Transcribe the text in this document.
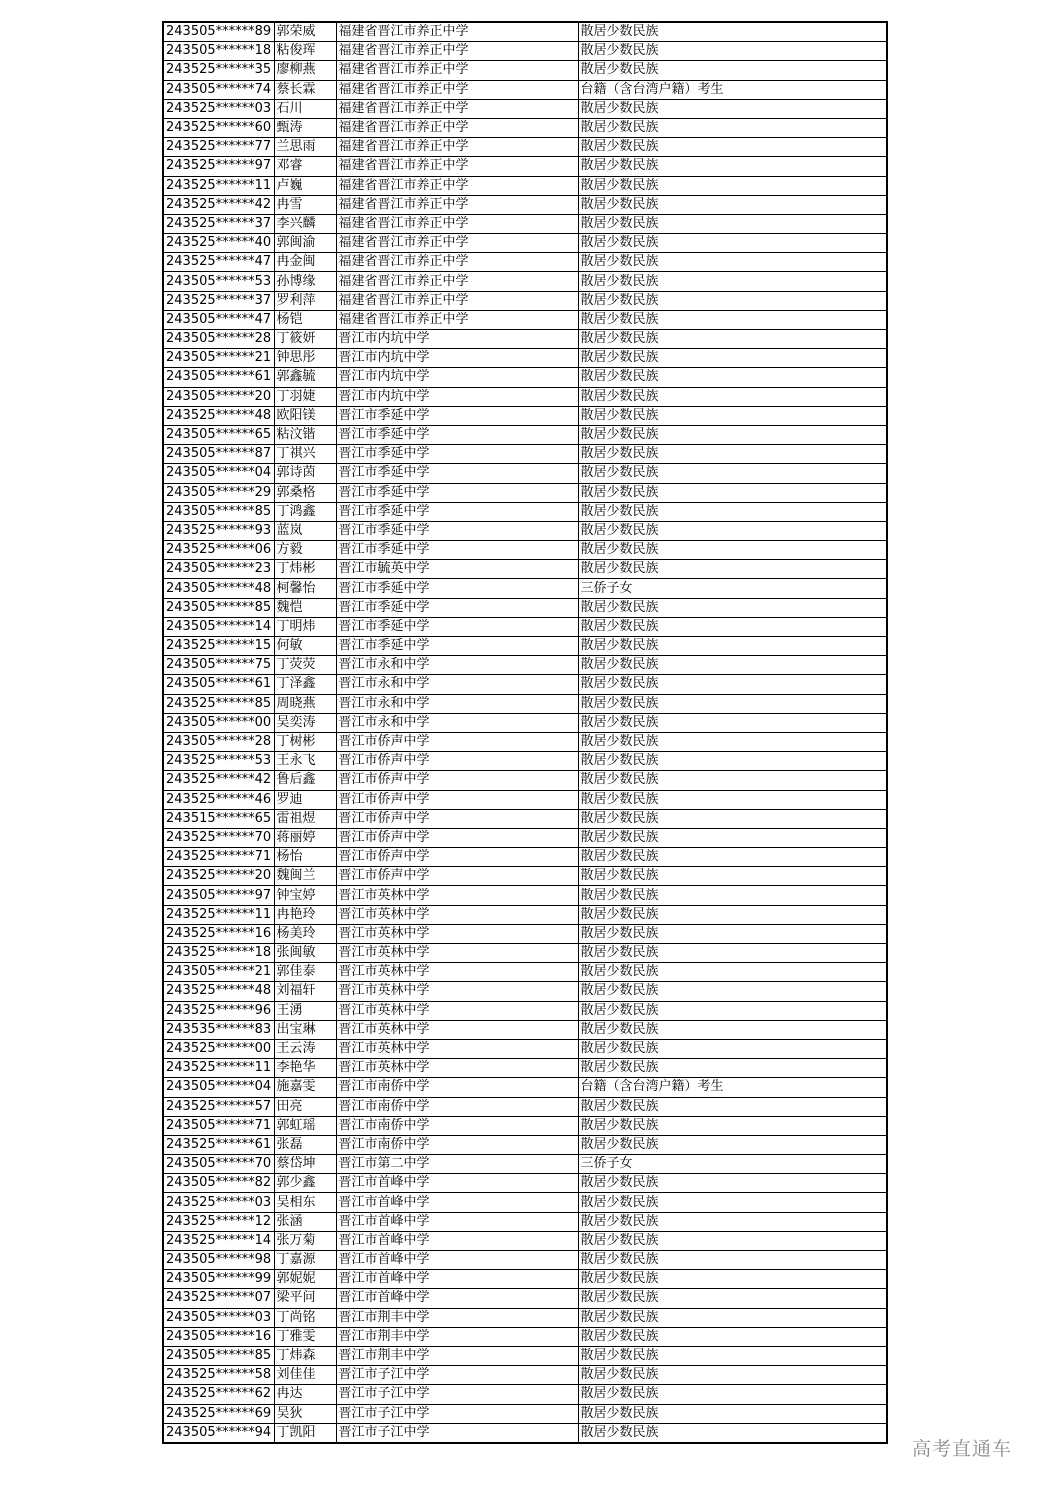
243505******89	郭荣威	福建省晋江市养正中学	散居少数民族
243505******18	粘俊珲	福建省晋江市养正中学	散居少数民族
243525******35	廖柳燕	福建省晋江市养正中学	散居少数民族
243505******74	蔡长霖	福建省晋江市养正中学	台籍（含台湾户籍）考生
243525******03	石川	福建省晋江市养正中学	散居少数民族
243525******60	甄涛	福建省晋江市养正中学	散居少数民族
243525******77	兰思雨	福建省晋江市养正中学	散居少数民族
243525******97	邓睿	福建省晋江市养正中学	散居少数民族
243525******11	卢巍	福建省晋江市养正中学	散居少数民族
243525******42	冉雪	福建省晋江市养正中学	散居少数民族
243525******37	李兴麟	福建省晋江市养正中学	散居少数民族
243525******40	郭闽渝	福建省晋江市养正中学	散居少数民族
243525******47	冉金闽	福建省晋江市养正中学	散居少数民族
243505******53	孙博缘	福建省晋江市养正中学	散居少数民族
243525******37	罗利萍	福建省晋江市养正中学	散居少数民族
243505******47	杨铠	福建省晋江市养正中学	散居少数民族
243505******28	丁筱妍	晋江市内坑中学	散居少数民族
243505******21	钟思彤	晋江市内坑中学	散居少数民族
243505******61	郭鑫毓	晋江市内坑中学	散居少数民族
243505******20	丁羽婕	晋江市内坑中学	散居少数民族
243525******48	欧阳镁	晋江市季延中学	散居少数民族
243505******65	粘汶锴	晋江市季延中学	散居少数民族
243505******87	丁祺兴	晋江市季延中学	散居少数民族
243505******04	郭诗茵	晋江市季延中学	散居少数民族
243505******29	郭桑格	晋江市季延中学	散居少数民族
243505******85	丁鸿鑫	晋江市季延中学	散居少数民族
243525******93	蓝岚	晋江市季延中学	散居少数民族
243525******06	方毅	晋江市季延中学	散居少数民族
243505******23	丁炜彬	晋江市毓英中学	散居少数民族
243505******48	柯馨怡	晋江市季延中学	三侨子女
243505******85	魏恺	晋江市季延中学	散居少数民族
243505******14	丁明炜	晋江市季延中学	散居少数民族
243525******15	何敏	晋江市季延中学	散居少数民族
243505******75	丁荧荧	晋江市永和中学	散居少数民族
243505******61	丁泽鑫	晋江市永和中学	散居少数民族
243525******85	周晓燕	晋江市永和中学	散居少数民族
243505******00	吴奕涛	晋江市永和中学	散居少数民族
243505******28	丁树彬	晋江市侨声中学	散居少数民族
243525******53	王永飞	晋江市侨声中学	散居少数民族
243525******42	鲁后鑫	晋江市侨声中学	散居少数民族
243525******46	罗迪	晋江市侨声中学	散居少数民族
243515******65	雷祖煜	晋江市侨声中学	散居少数民族
243525******70	蒋丽婷	晋江市侨声中学	散居少数民族
243525******71	杨怡	晋江市侨声中学	散居少数民族
243525******20	魏闽兰	晋江市侨声中学	散居少数民族
243505******97	钟宝婷	晋江市英林中学	散居少数民族
243525******11	冉艳玲	晋江市英林中学	散居少数民族
243525******16	杨美玲	晋江市英林中学	散居少数民族
243525******18	张闽敏	晋江市英林中学	散居少数民族
243505******21	郭佳泰	晋江市英林中学	散居少数民族
243525******48	刘福轩	晋江市英林中学	散居少数民族
243525******96	王湧	晋江市英林中学	散居少数民族
243535******83	出宝琳	晋江市英林中学	散居少数民族
243525******00	王云涛	晋江市英林中学	散居少数民族
243525******11	李艳华	晋江市英林中学	散居少数民族
243505******04	施嘉雯	晋江市南侨中学	台籍（含台湾户籍）考生
243525******57	田亮	晋江市南侨中学	散居少数民族
243505******71	郭虹瑶	晋江市南侨中学	散居少数民族
243525******61	张磊	晋江市南侨中学	散居少数民族
243505******70	蔡岱坤	晋江市第二中学	三侨子女
243505******82	郭少鑫	晋江市首峰中学	散居少数民族
243525******03	吴相东	晋江市首峰中学	散居少数民族
243525******12	张涵	晋江市首峰中学	散居少数民族
243525******14	张万菊	晋江市首峰中学	散居少数民族
243505******98	丁嘉源	晋江市首峰中学	散居少数民族
243505******99	郭妮妮	晋江市首峰中学	散居少数民族
243525******07	梁平问	晋江市首峰中学	散居少数民族
243505******03	丁尚铭	晋江市荆丰中学	散居少数民族
243505******16	丁雅雯	晋江市荆丰中学	散居少数民族
243505******85	丁炜森	晋江市荆丰中学	散居少数民族
243525******58	刘佳佳	晋江市子江中学	散居少数民族
243525******62	冉达	晋江市子江中学	散居少数民族
243525******69	吴狄	晋江市子江中学	散居少数民族
243505******94	丁凯阳	晋江市子江中学	散居少数民族
高考直通车
